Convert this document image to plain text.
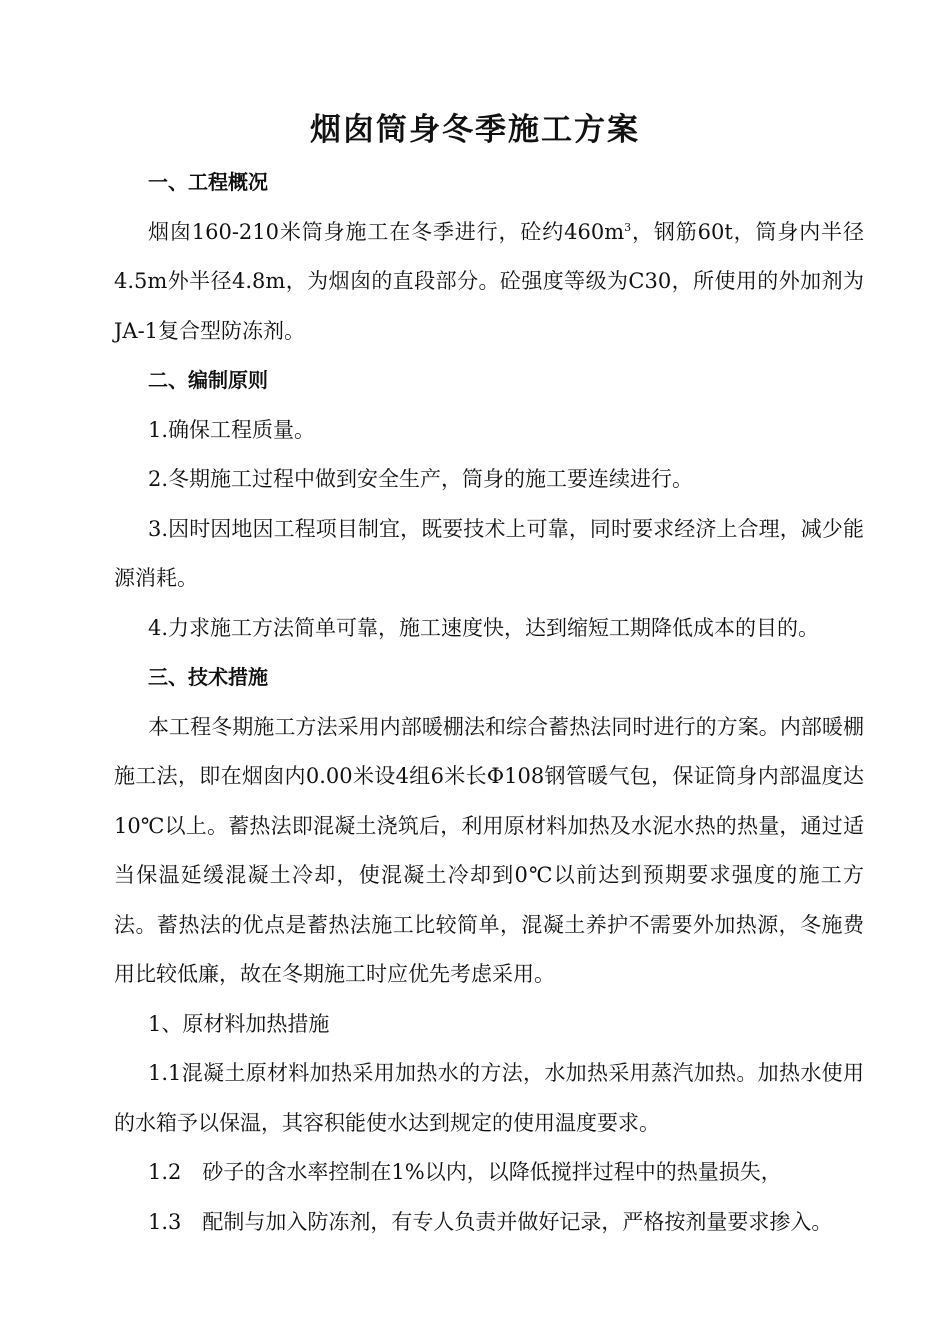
烟囱筒身冬季施工方案

一、工程概况

烟囱160-210米筒身施工在冬季进行，砼约$460m^3$，钢筋60t，筒身内半径4.5m外半径4.8m，为烟囱的直段部分。砼强度等级为C30，所使用的外加剂为JA-1复合型防冻剂。

二、编制原则

1.确保工程质量。

2.冬期施工过程中做到安全生产，筒身的施工要连续进行。

3.因时因地因工程项目制宜，既要技术上可靠，同时要求经济上合理，减少能源消耗。

4.力求施工方法简单可靠，施工速度快，达到缩短工期降低成本的目的。

三、技术措施

本工程冬期施工方法采用内部暖棚法和综合蓄热法同时进行的方案。内部暖棚施工法，即在烟囱内0.00米设4组6米长Φ108钢管暖气包，保证筒身内部温度达10℃以上。蓄热法即混凝土浇筑后，利用原材料加热及水泥水热的热量，通过适当保温延缓混凝土冷却，使混凝土冷却到0℃以前达到预期要求强度的施工方法。蓄热法的优点是蓄热法施工比较简单，混凝土养护不需要外加热源，冬施费用比较低廉，故在冬期施工时应优先考虑采用。

1、原材料加热措施

1.1混凝土原材料加热采用加热水的方法，水加热采用蒸汽加热。加热水使用的水箱予以保温，其容积能使水达到规定的使用温度要求。

1.2　砂子的含水率控制在1%以内，以降低搅拌过程中的热量损失，

1.3　配制与加入防冻剂，有专人负责并做好记录，严格按剂量要求掺入。
